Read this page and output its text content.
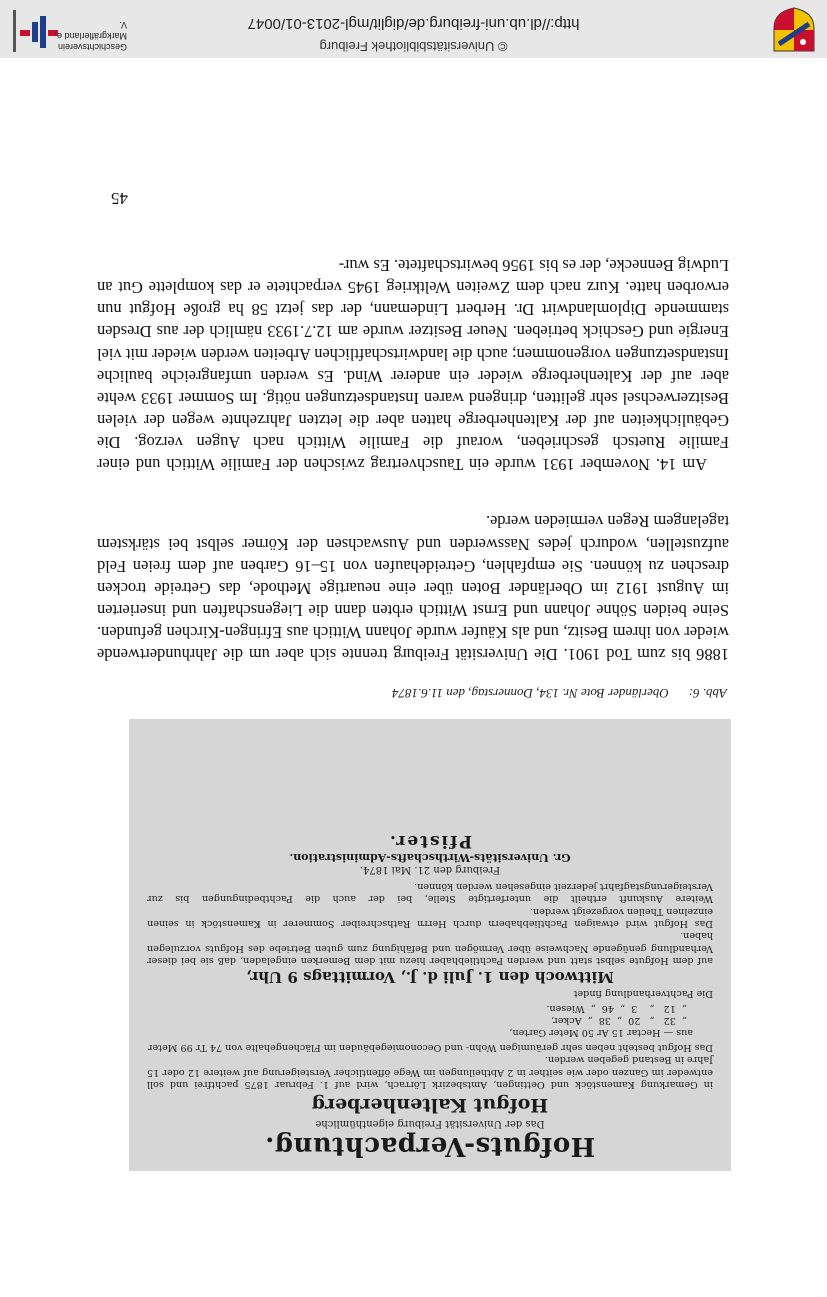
Hofguts-Verpachtung.
Das der Universität Freiburg eigenthümliche
Hofgut Kaltenherberg
in Gemarkung Kamenstöck und Oettingen, Amtsbezirk Lörrach, wird auf 1. Februar 1875 pachtfrei und soll entweder im Ganzen oder wie seither in 2 Abtheilungen im Wege öffentlicher Versteigerung auf weitere 12 oder 15 Jahre in Bestand gegeben werden.
Das Hofgut besteht neben sehr geräumigen Wohn- und Oeconomiegebäuden im Flächengehalte von 74 Tr 99 Meter
aus — Hectar 15 Ar 50 Meter Garten,
„  32   „   20  „  38  „  Acker,
„  12   „    3  „  46  „  Wiesen.
Die Pachtverhandlung findet
Mittwoch den 1. Juli d. J., Vormittags 9 Uhr,
auf dem Hofgute selbst statt und werden Pachtliebhaber hiezu mit dem Bemerken eingeladen, daß sie bei dieser Verhandlung genügende Nachweise über Vermögen und Befähigung zum guten Betriebe des Hofguts vorzulegen haben.
Das Hofgut wird etwaigen Pachtliebhabern durch Herrn Rathschreiber Sommerer in Kamenstöck in seinen einzelnen Theilen vorgezeigt werden.
Weitere Auskunft ertheilt die unterfertigte Stelle, bei der auch die Pachtbedingungen bis zur Versteigerungstagfahrt jederzeit eingesehen werden können.
Freiburg den 21. Mai 1874.
Gr. Universitäts-Wirthschafts-Administration.
Pfister.
Abb. 6:Oberländer Bote Nr. 134, Donnerstag, den 11.6.1874

1886 bis zum Tod 1901. Die Universität Freiburg trennte sich aber um die Jahrhundertwende wieder von ihrem Besitz, und als Käufer wurde Johann Wittich aus Efringen-Kirchen gefunden. Seine beiden Söhne Johann und Ernst Wittich erbten dann die Liegenschaften und inserierten im August 1912 im Oberländer Boten über eine neuartige Methode, das Getreide trocken dreschen zu können. Sie empfahlen, Getreidehaufen von 15–16 Garben auf dem freien Feld aufzustellen, wodurch jedes Nasswerden und Auswachsen der Körner selbst bei stärkstem tagelangem Regen vermieden werde.

Am 14. November 1931 wurde ein Tauschvertrag zwischen der Familie Wittich und einer Familie Ruetsch geschrieben, worauf die Familie Wittich nach Augen verzog. Die Gebäulichkeiten auf der Kaltenherberge hatten aber die letzten Jahrzehnte wegen der vielen Besitzerwechsel sehr gelitten, dringend waren Instandsetzungen nötig. Im Sommer 1933 wehte aber auf der Kaltenherberge wieder ein anderer Wind. Es werden umfangreiche bauliche Instandsetzungen vorgenommen; auch die landwirtschaftlichen Arbeiten werden wieder mit viel Energie und Geschick betrieben. Neuer Besitzer wurde am 12.7.1933 nämlich der aus Dresden stammende Diplomlandwirt Dr. Herbert Lindemann, der das jetzt 58 ha große Hofgut nun erworben hatte. Kurz nach dem Zweiten Weltkrieg 1945 verpachtete er das komplette Gut an Ludwig Bennecke, der es bis 1956 bewirtschaftete. Es wur-

45
© Universitätsbibliothek Freiburg
http://dl.ub.uni-freiburg.de/diglit/mgl-2013-01/0047
Geschichtsverein
Markgräflerland e. V.
